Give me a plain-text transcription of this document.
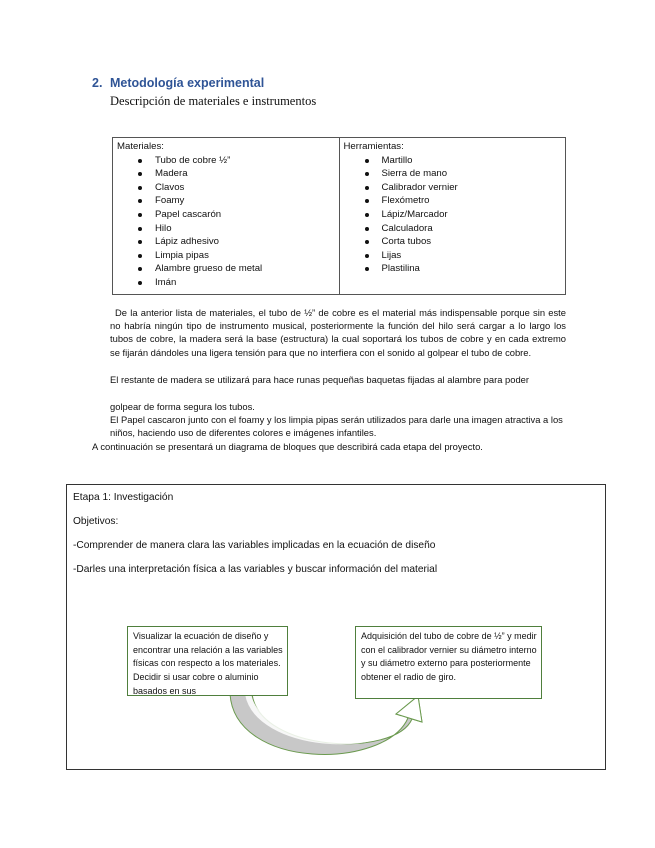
2. Metodología experimental
Descripción de materiales e instrumentos
Materiales:
Tubo de cobre ½”
Madera
Clavos
Foamy
Papel cascarón
Hilo
Lápiz adhesivo
Limpia pipas
Alambre grueso de metal
Imán

Herramientas:
Martillo
Sierra de mano
Calibrador vernier
Flexómetro
Lápiz/Marcador
Calculadora
Corta tubos
Lijas
Plastilina
De la anterior lista de materiales, el tubo de ½” de cobre es el material más indispensable porque sin este no habría ningún tipo de instrumento musical, posteriormente la función del hilo será cargar a lo largo los tubos de cobre, la madera será la base (estructura) la cual soportará los tubos de cobre y en cada extremo se fijarán dándoles una ligera tensión para que no interfiera con el sonido al golpear el tubo de cobre.
El restante de madera se utilizará para hace runas pequeñas baquetas fijadas al alambre para poder
golpear de forma segura los tubos.
El Papel cascaron junto con el foamy y los limpia pipas serán utilizados para darle una imagen atractiva a los niños, haciendo uso de diferentes colores e imágenes infantiles.
A continuación se presentará un diagrama de bloques que describirá cada etapa del proyecto.
Etapa 1: Investigación
Objetivos:
-Comprender de manera clara las variables implicadas en la ecuación de diseño
-Darles una interpretación física a las variables y buscar información del material
Visualizar la ecuación de diseño y encontrar una relación a las variables físicas con respecto a los materiales. Decidir si usar cobre o aluminio basados en sus
Adquisición del tubo de cobre de ½” y medir con el calibrador vernier su diámetro interno y su diámetro externo para posteriormente obtener el radio de giro.
